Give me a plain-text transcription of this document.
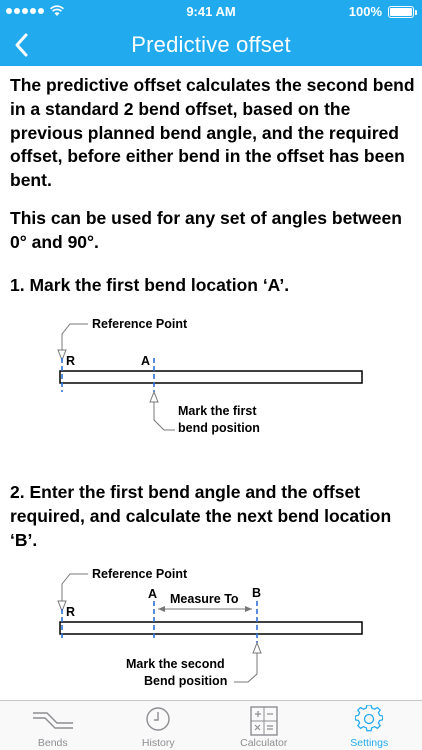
9:41 AM	100%
Predictive offset
The predictive offset calculates the second bend in a standard 2 bend offset, based on the previous planned bend angle, and the required offset, before either bend in the offset has been bent.
This can be used for any set of angles between 0° and 90°.
1. Mark the first bend location ‘A’.
Reference Point
R	A
Mark the first
bend position
2. Enter the first bend angle and the offset required, and calculate the next bend location ‘B’.
Reference Point
R
A	B
Measure To
Mark the second
Bend position
Bends	History	Calculator	Settings
